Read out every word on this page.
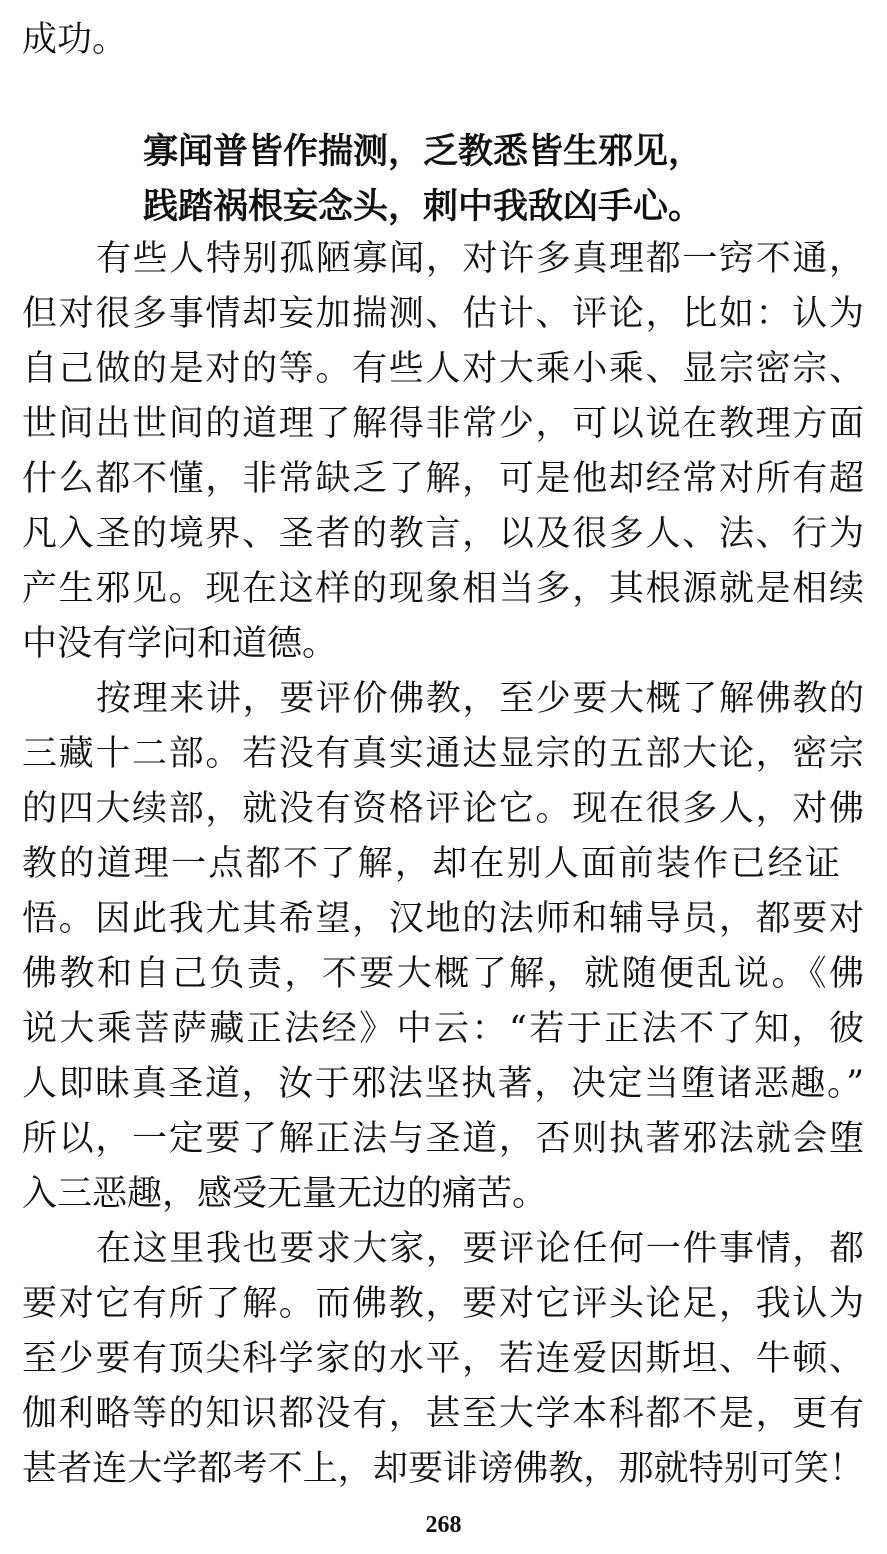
成功。
寡闻普皆作揣测，乏教悉皆生邪见，
践踏祸根妄念头，刺中我敌凶手心。
有些人特别孤陋寡闻，对许多真理都一窍不通，
但对很多事情却妄加揣测、估计、评论，比如：认为
自己做的是对的等。有些人对大乘小乘、显宗密宗、
世间出世间的道理了解得非常少，可以说在教理方面
什么都不懂，非常缺乏了解，可是他却经常对所有超
凡入圣的境界、圣者的教言，以及很多人、法、行为
产生邪见。现在这样的现象相当多，其根源就是相续
中没有学问和道德。
按理来讲，要评价佛教，至少要大概了解佛教的
三藏十二部。若没有真实通达显宗的五部大论，密宗
的四大续部，就没有资格评论它。现在很多人，对佛
教的道理一点都不了解，却在别人面前装作已经证
悟。因此我尤其希望，汉地的法师和辅导员，都要对
佛教和自己负责，不要大概了解，就随便乱说。《佛
说大乘菩萨藏正法经》中云：“若于正法不了知，彼
人即昧真圣道，汝于邪法坚执著，决定当堕诸恶趣。”
所以，一定要了解正法与圣道，否则执著邪法就会堕
入三恶趣，感受无量无边的痛苦。
在这里我也要求大家，要评论任何一件事情，都
要对它有所了解。而佛教，要对它评头论足，我认为
至少要有顶尖科学家的水平，若连爱因斯坦、牛顿、
伽利略等的知识都没有，甚至大学本科都不是，更有
甚者连大学都考不上，却要诽谤佛教，那就特别可笑！
268
